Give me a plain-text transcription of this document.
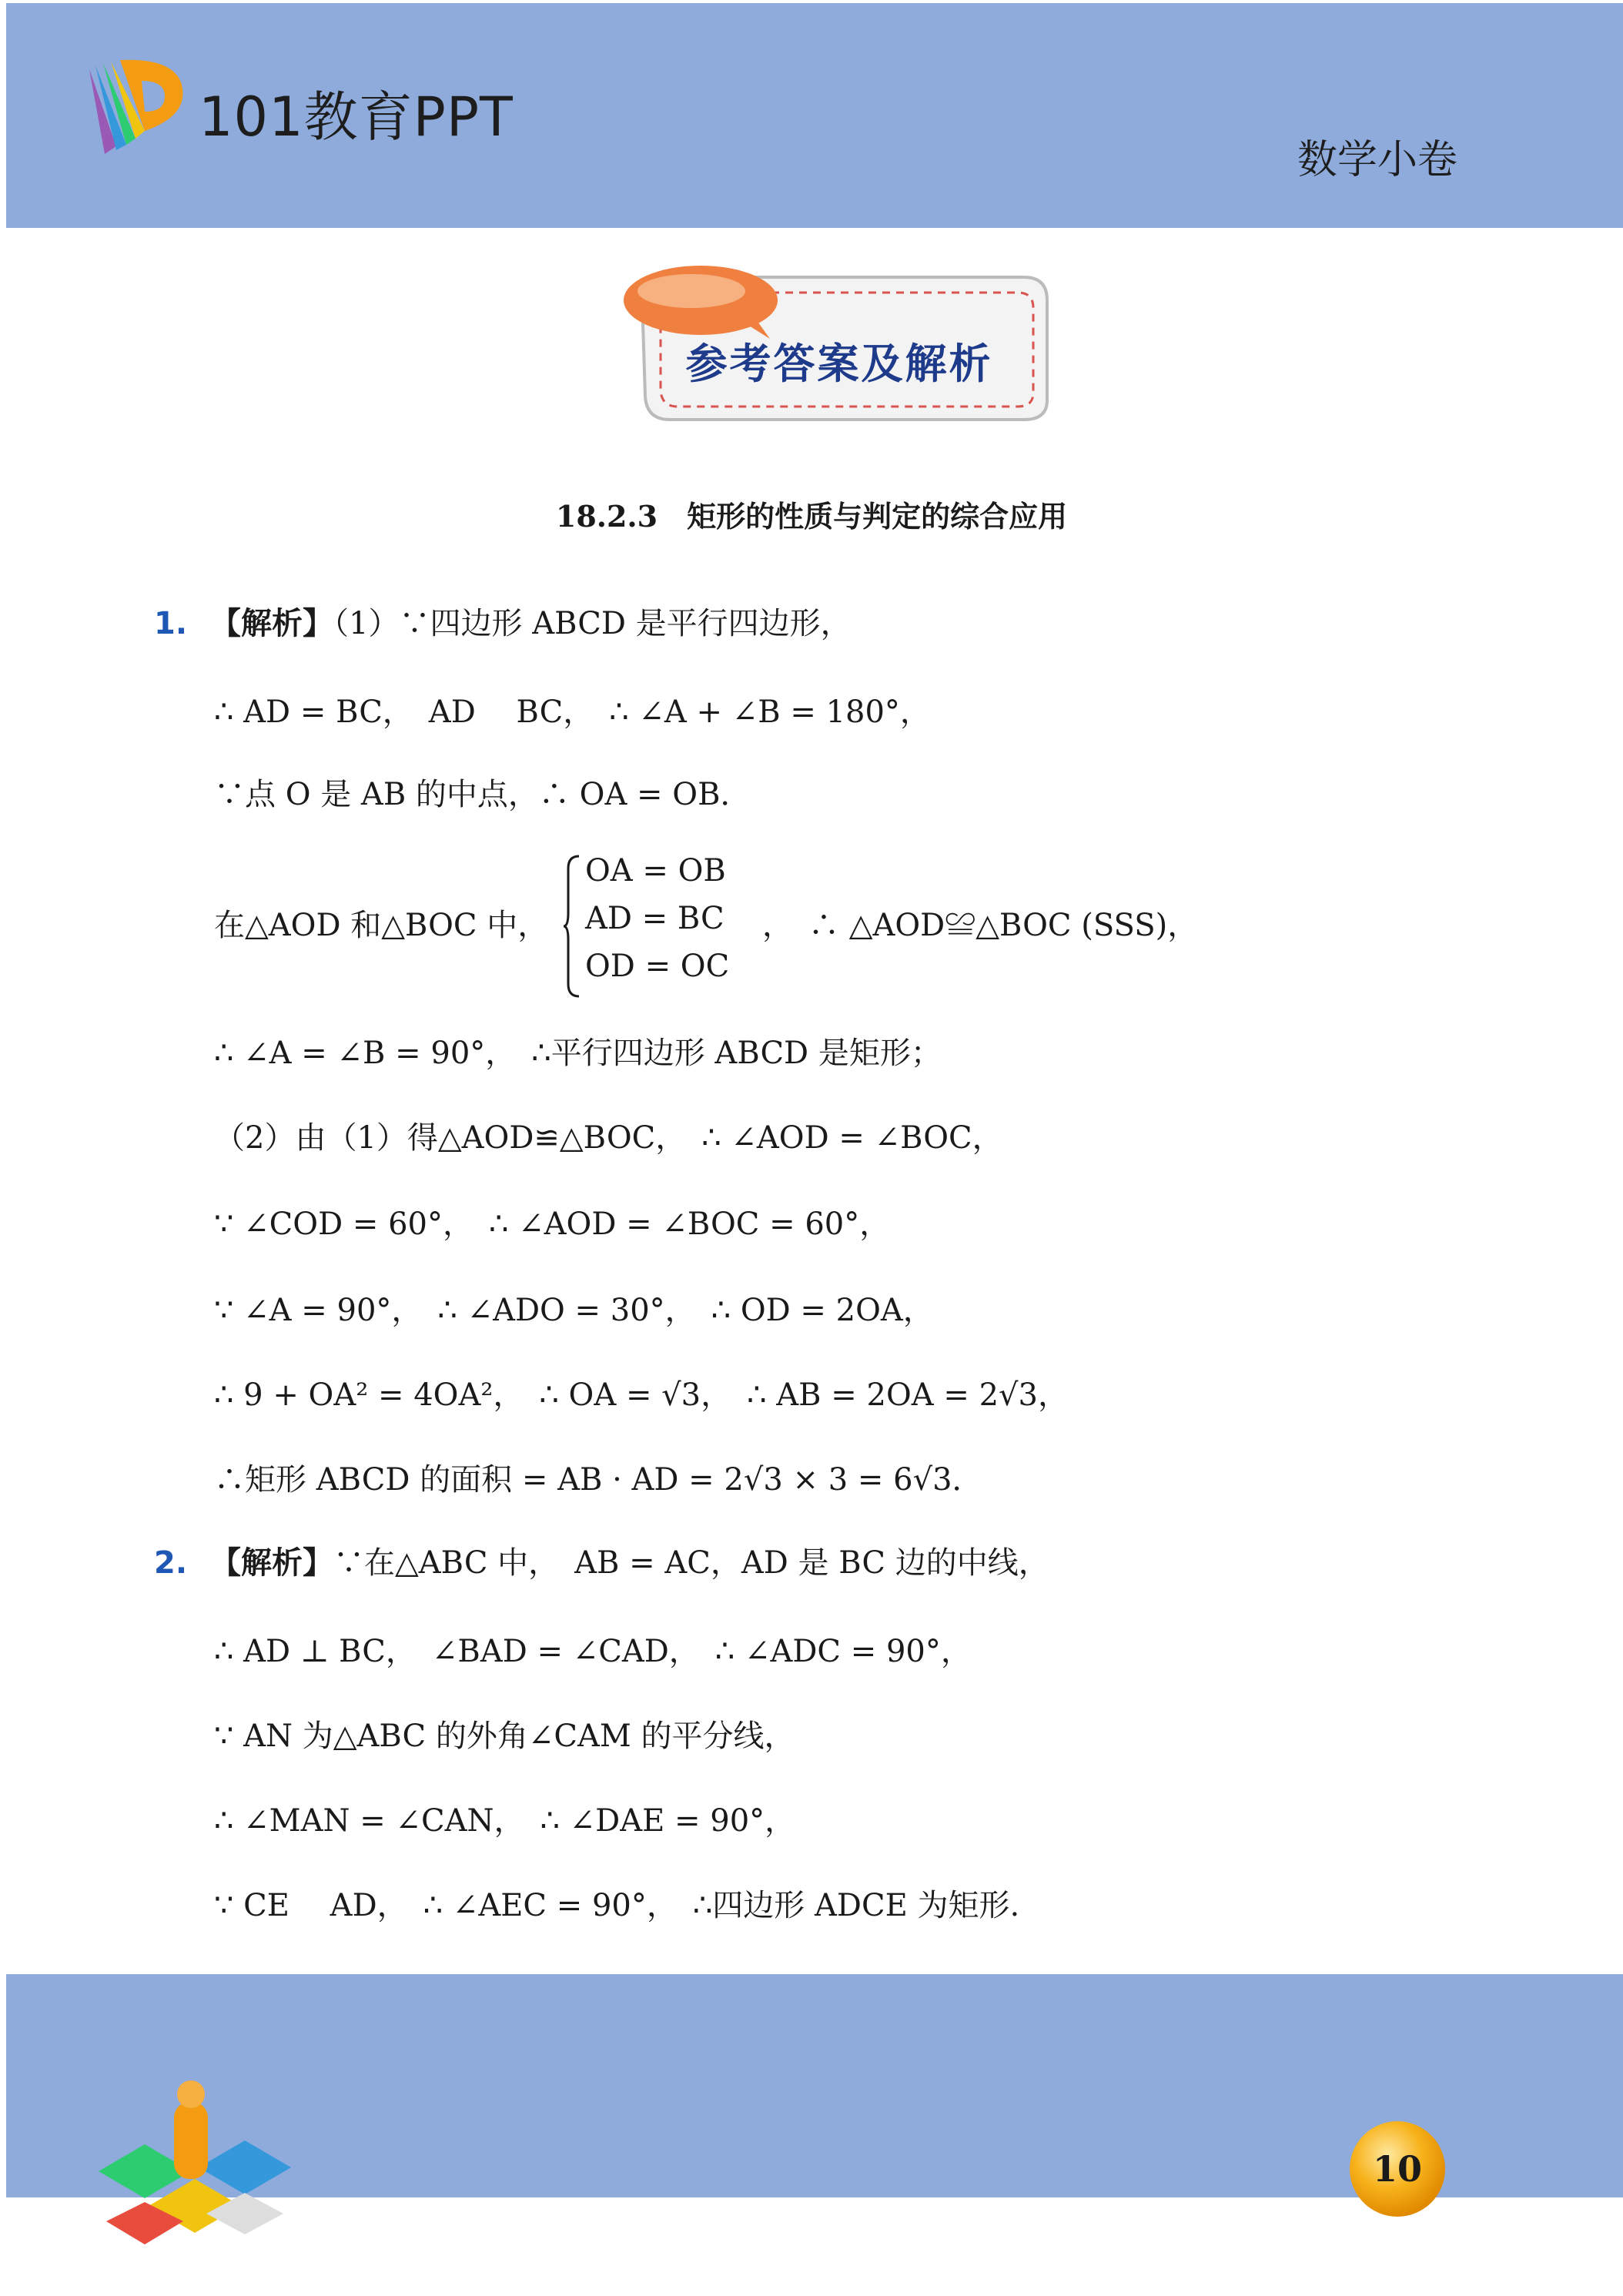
101教育PPT
数学小卷
参考答案及解析
18.2.3　矩形的性质与判定的综合应用
1. 【解析】（1）∵四边形 ABCD 是平行四边形，
∴ AD = BC，　AD 　BC，　∴ ∠A + ∠B = 180°，
∵点 O 是 AB 的中点，∴ OA = OB．
在△AOD 和△BOC 中，
OA = OB
AD = BC
OD = OC
，　∴ △AOD≌△BOC (SSS)，
∴ ∠A = ∠B = 90°，　∴平行四边形 ABCD 是矩形；
（2）由（1）得△AOD≌△BOC，　∴ ∠AOD = ∠BOC，
∵ ∠COD = 60°，　∴ ∠AOD = ∠BOC = 60°，
∵ ∠A = 90°，　∴ ∠ADO = 30°，　∴ OD = 2OA，
∴ 9 + OA² = 4OA²，　∴ OA = √3，　∴ AB = 2OA = 2√3，
∴矩形 ABCD 的面积 = AB · AD = 2√3 × 3 = 6√3．
2. 【解析】∵在△ABC 中，　AB = AC，AD 是 BC 边的中线，
∴ AD ⊥ BC，　∠BAD = ∠CAD，　∴ ∠ADC = 90°，
∵ AN 为△ABC 的外角∠CAM 的平分线，
∴ ∠MAN = ∠CAN，　∴ ∠DAE = 90°，
∵ CE 　AD，　∴ ∠AEC = 90°，　∴四边形 ADCE 为矩形.
10
